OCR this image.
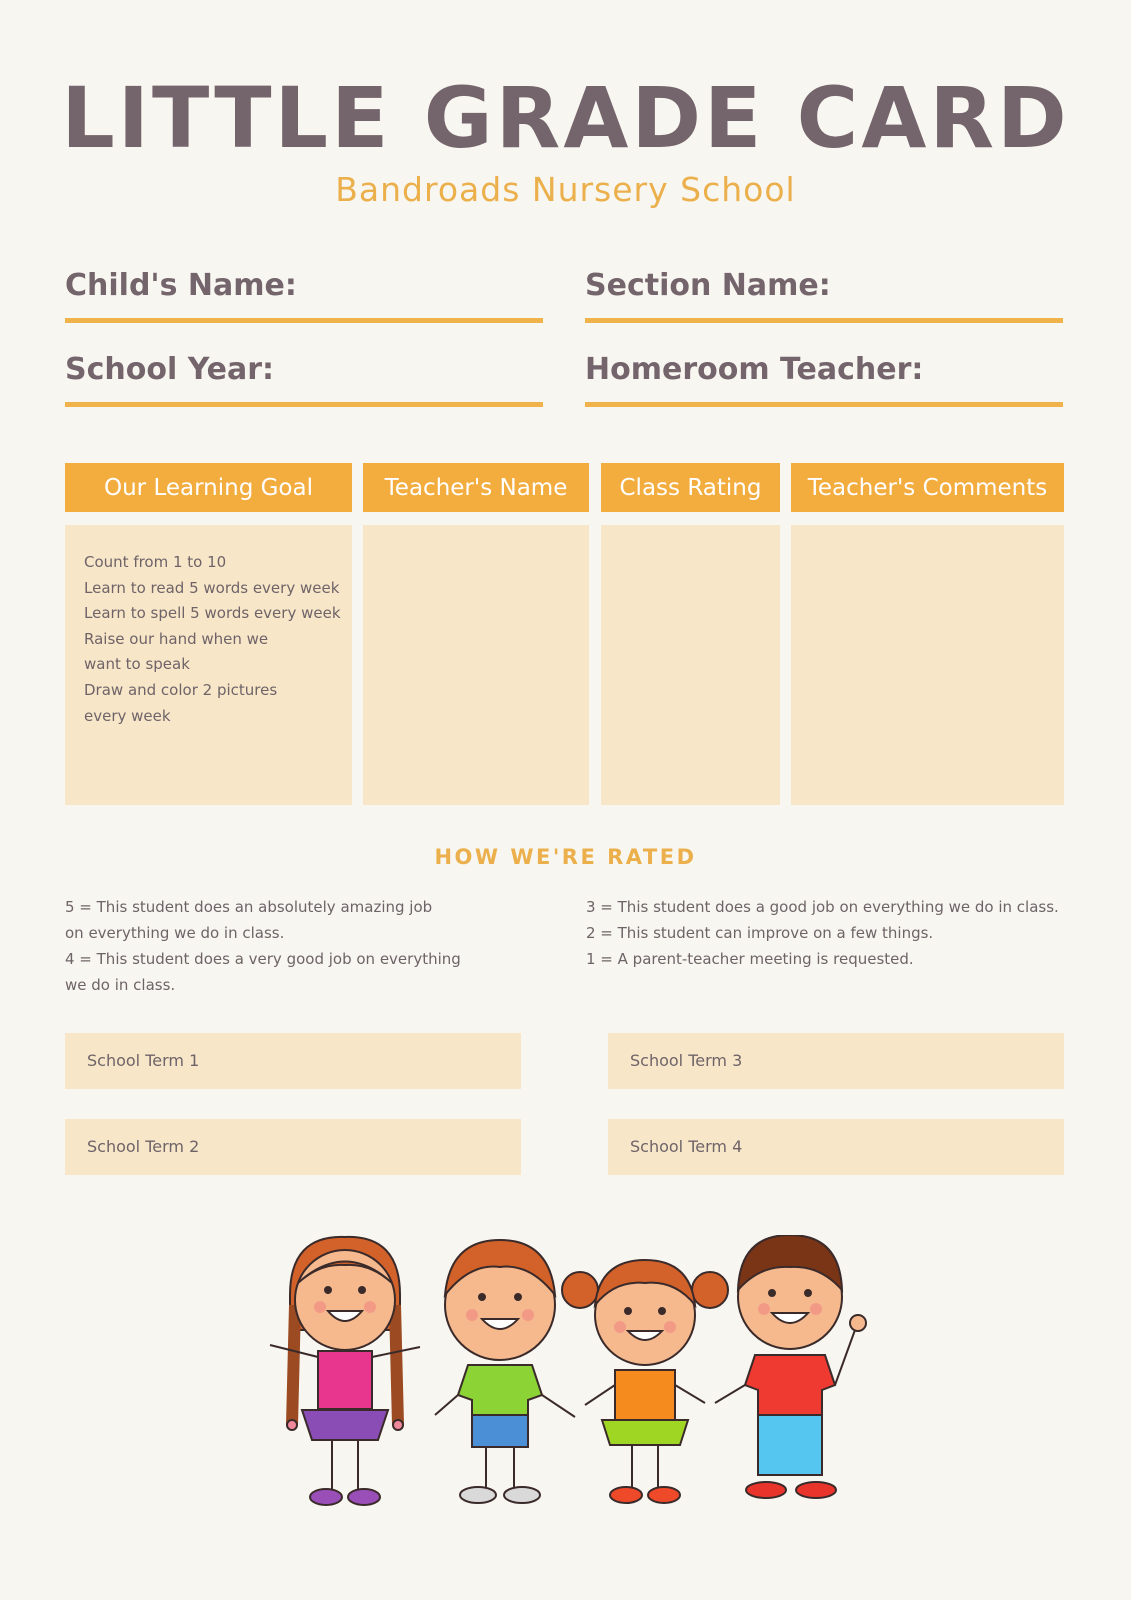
LITTLE GRADE CARD
Bandroads Nursery School
Child's Name:	Section Name:
School Year:	Homeroom Teacher:
Our Learning Goal	Teacher's Name	Class Rating	Teacher's Comments
Count from 1 to 10
Learn to read 5 words every week
Learn to spell 5 words every week
Raise our hand when we
want to speak
Draw and color 2 pictures
every week
HOW WE'RE RATED
5 = This student does an absolutely amazing job
on everything we do in class.
4 = This student does a very good job on everything
we do in class.
3 = This student does a good job on everything we do in class.
2 = This student can improve on a few things.
1 = A parent-teacher meeting is requested.
School Term 1
School Term 2
School Term 3
School Term 4
